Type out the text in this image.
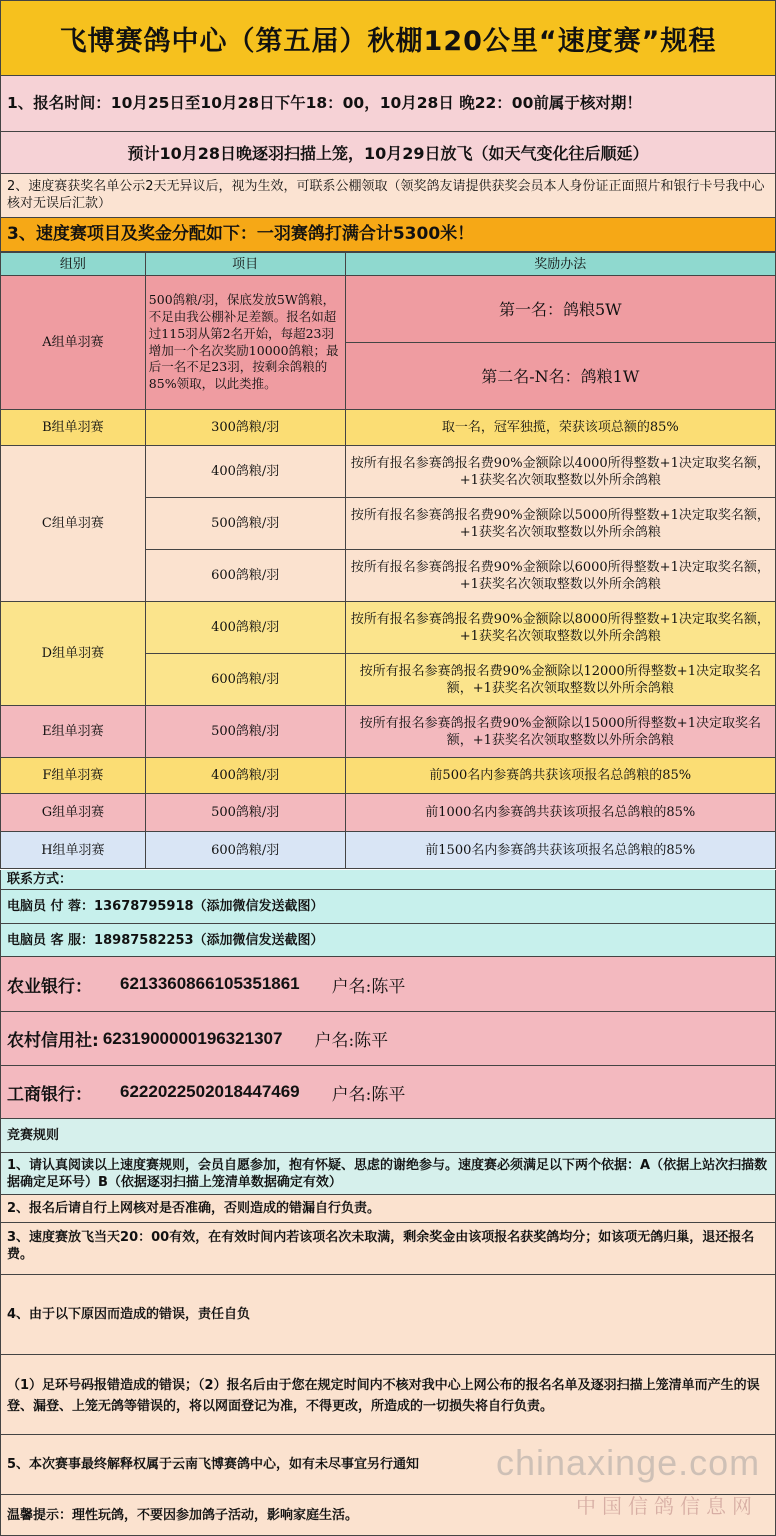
飞博赛鸽中心（第五届）秋棚120公里“速度赛”规程
1、报名时间：10月25日至10月28日下午18：00，10月28日 晚22：00前属于核对期！
预计10月28日晚逐羽扫描上笼，10月29日放飞（如天气变化往后顺延）
2、速度赛获奖名单公示2天无异议后，视为生效，可联系公棚领取（领奖鸽友请提供获奖会员本人身份证正面照片和银行卡号我中心核对无误后汇款）
3、速度赛项目及奖金分配如下：一羽赛鸽打满合计5300米！
组别	项目	奖励办法
A组单羽赛	500鸽粮/羽，保底发放5W鸽粮，不足由我公棚补足差额。报名如超过115羽从第2名开始，每超23羽增加一个名次奖励10000鸽粮；最后一名不足23羽，按剩余鸽粮的85%领取，以此类推。	第一名：鸽粮5W
		第二名-N名：鸽粮1W
B组单羽赛	300鸽粮/羽	取一名，冠军独揽，荣获该项总额的85%
C组单羽赛	400鸽粮/羽	按所有报名参赛鸽报名费90%金额除以4000所得整数+1决定取奖名额，+1获奖名次领取整数以外所余鸽粮
	500鸽粮/羽	按所有报名参赛鸽报名费90%金额除以5000所得整数+1决定取奖名额，+1获奖名次领取整数以外所余鸽粮
	600鸽粮/羽	按所有报名参赛鸽报名费90%金额除以6000所得整数+1决定取奖名额，+1获奖名次领取整数以外所余鸽粮
D组单羽赛	400鸽粮/羽	按所有报名参赛鸽报名费90%金额除以8000所得整数+1决定取奖名额，+1获奖名次领取整数以外所余鸽粮
	600鸽粮/羽	按所有报名参赛鸽报名费90%金额除以12000所得整数+1决定取奖名额，+1获奖名次领取整数以外所余鸽粮
E组单羽赛	500鸽粮/羽	按所有报名参赛鸽报名费90%金额除以15000所得整数+1决定取奖名额，+1获奖名次领取整数以外所余鸽粮
F组单羽赛	400鸽粮/羽	前500名内参赛鸽共获该项报名总鸽粮的85%
G组单羽赛	500鸽粮/羽	前1000名内参赛鸽共获该项报名总鸽粮的85%
H组单羽赛	600鸽粮/羽	前1500名内参赛鸽共获该项报名总鸽粮的85%
联系方式：
电脑员 付 蓉：13678795918（添加微信发送截图）
电脑员 客 服：18987582253（添加微信发送截图）
农业银行： 6213360866105351861 户名:陈平
农村信用社: 6231900000196321307 户名:陈平
工商银行： 6222022502018447469 户名:陈平
竞赛规则
1、请认真阅读以上速度赛规则，会员自愿参加，抱有怀疑、思虑的谢绝参与。速度赛必须满足以下两个依据：A（依据上站次扫描数据确定足环号）B（依据逐羽扫描上笼清单数据确定有效）
2、报名后请自行上网核对是否准确，否则造成的错漏自行负责。
3、速度赛放飞当天20：00有效，在有效时间内若该项名次未取满，剩余奖金由该项报名获奖鸽均分；如该项无鸽归巢，退还报名费。
4、由于以下原因而造成的错误，责任自负
（1）足环号码报错造成的错误；（2）报名后由于您在规定时间内不核对我中心上网公布的报名名单及逐羽扫描上笼清单而产生的误登、漏登、上笼无鸽等错误的，将以网面登记为准，不得更改，所造成的一切损失将自行负责。
5、本次赛事最终解释权属于云南飞博赛鸽中心，如有未尽事宜另行通知
温馨提示：理性玩鸽，不要因参加鸽子活动，影响家庭生活。
chinaxinge.com
中国信鸽信息网
